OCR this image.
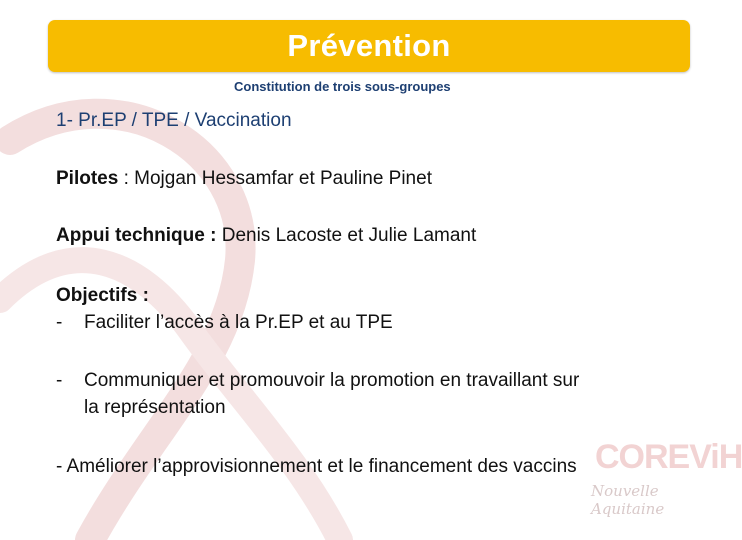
Prévention
Constitution de trois sous-groupes
1- Pr.EP / TPE / Vaccination
Pilotes : Mojgan Hessamfar et Pauline Pinet
Appui technique : Denis Lacoste et Julie Lamant
Objectifs :
- Faciliter l’accès à la Pr.EP et au TPE
- Communiquer et promouvoir la promotion en travaillant sur
la représentation
- Améliorer l’approvisionnement et le financement des vaccins COREViH
Nouvelle Aquitaine
